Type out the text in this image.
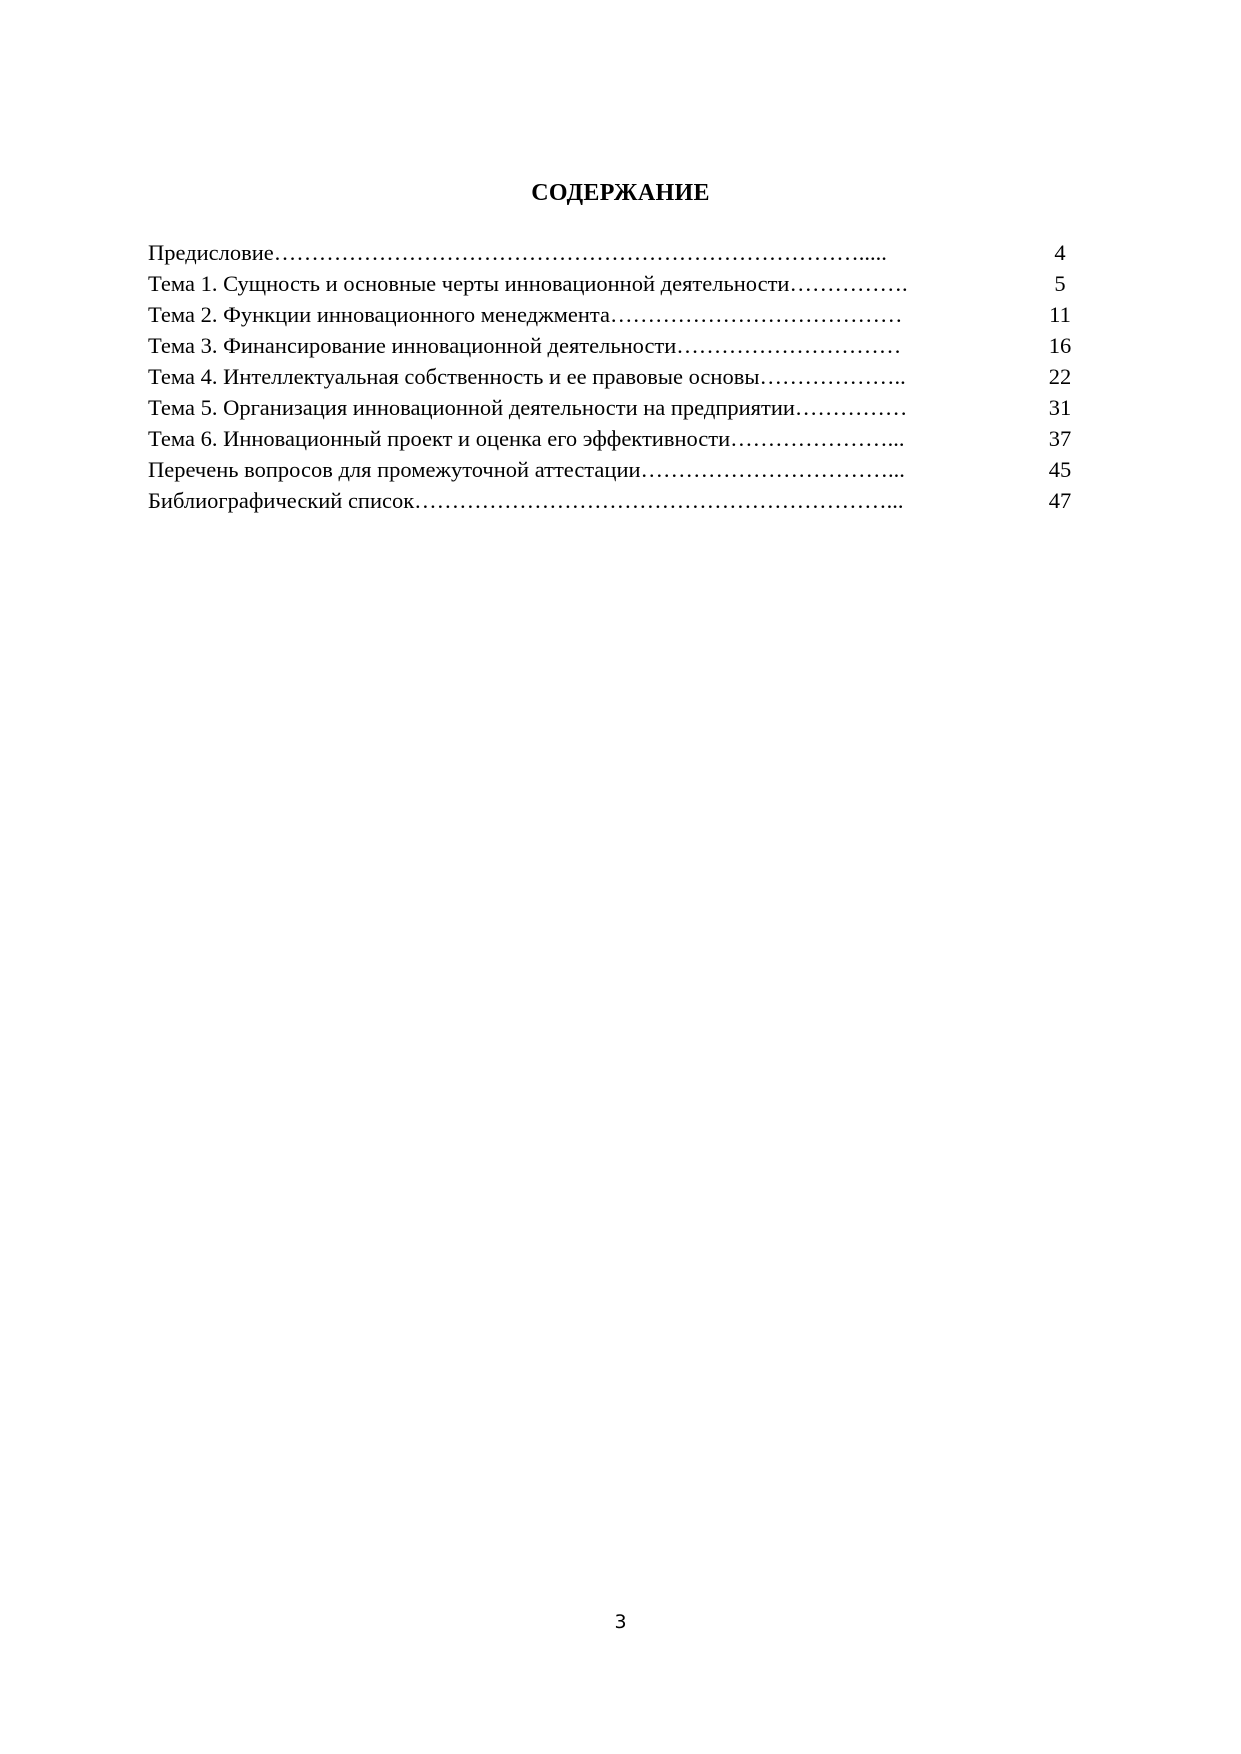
СОДЕРЖАНИЕ
Предисловие…………………………………………………………………….....	4
Тема 1. Сущность и основные черты инновационной деятельности…………….	5
Тема 2. Функции инновационного менеджмента…………………………………	11
Тема 3. Финансирование инновационной деятельности…………………………	16
Тема 4. Интеллектуальная собственность и ее правовые основы………………..	22
Тема 5. Организация инновационной деятельности на предприятии……………	31
Тема 6. Инновационный проект и оценка его эффективности…………………...	37
Перечень вопросов для промежуточной аттестации……………………………...	45
Библиографический список………………………………………………………...	47
3
